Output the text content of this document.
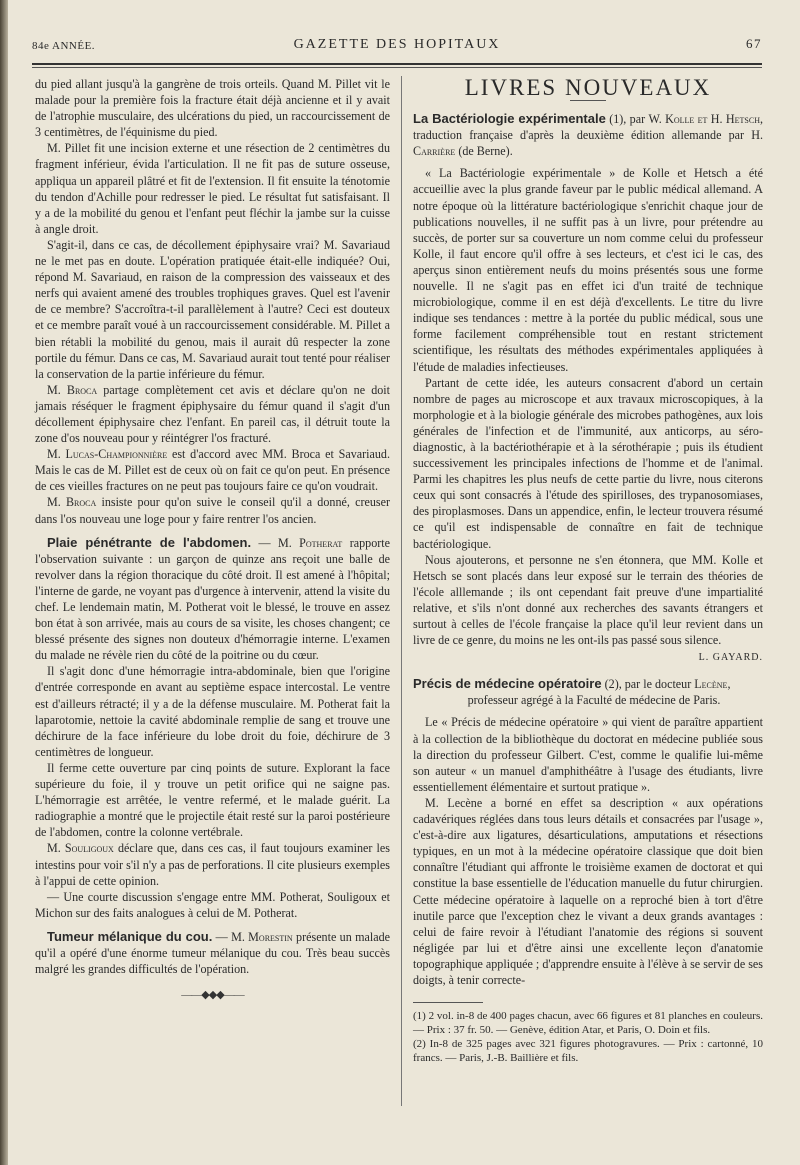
84e ANNÉE.	GAZETTE DES HOPITAUX	67

du pied allant jusqu'à la gangrène de trois orteils. Quand M. Pillet vit le malade pour la première fois la fracture était déjà ancienne et il y avait de l'atrophie musculaire, des ulcérations du pied, un raccourcissement de 3 centimètres, de l'équinisme du pied.

M. Pillet fit une incision externe et une résection de 2 centimètres du fragment inférieur, évida l'articulation. Il ne fit pas de suture osseuse, appliqua un appareil plâtré et fit de l'extension. Il fit ensuite la ténotomie du tendon d'Achille pour redresser le pied. Le résultat fut satisfaisant. Il y a de la mobilité du genou et l'enfant peut fléchir la jambe sur la cuisse à angle droit.

S'agit-il, dans ce cas, de décollement épiphysaire vrai? M. Savariaud ne le met pas en doute. L'opération pratiquée était-elle indiquée? Oui, répond M. Savariaud, en raison de la compression des vaisseaux et des nerfs qui avaient amené des troubles trophiques graves. Quel est l'avenir de ce membre? S'accroîtra-t-il parallèlement à l'autre? Ceci est douteux et ce membre paraît voué à un raccourcissement considérable. M. Pillet a bien rétabli la mobilité du genou, mais il aurait dû respecter la zone portile du fémur. Dans ce cas, M. Savariaud aurait tout tenté pour réaliser la conservation de la partie inférieure du fémur.

M. Broca partage complètement cet avis et déclare qu'on ne doit jamais réséquer le fragment épiphysaire du fémur quand il s'agit d'un décollement épiphysaire chez l'enfant. En pareil cas, il détruit toute la zone d'os nouveau pour y réintégrer l'os fracturé.

M. Lucas-Championnière est d'accord avec MM. Broca et Savariaud. Mais le cas de M. Pillet est de ceux où on fait ce qu'on peut. En présence de ces vieilles fractures on ne peut pas toujours faire ce qu'on voudrait.

M. Broca insiste pour qu'on suive le conseil qu'il a donné, creuser dans l'os nouveau une loge pour y faire rentrer l'os ancien.

Plaie pénétrante de l'abdomen. — M. Potherat rapporte l'observation suivante : un garçon de quinze ans reçoit une balle de revolver dans la région thoracique du côté droit. Il est amené à l'hôpital; l'interne de garde, ne voyant pas d'urgence à intervenir, attend la visite du chef. Le lendemain matin, M. Potherat voit le blessé, le trouve en assez bon état à son arrivée, mais au cours de sa visite, les choses changent; ce blessé présente des signes non douteux d'hémorragie interne. L'examen du malade ne révèle rien du côté de la poitrine ou du cœur.

Il s'agit donc d'une hémorragie intra-abdominale, bien que l'origine d'entrée corresponde en avant au septième espace intercostal. Le ventre est d'ailleurs rétracté; il y a de la défense musculaire. M. Potherat fait la laparotomie, nettoie la cavité abdominale remplie de sang et trouve une déchirure de la face inférieure du lobe droit du foie, déchirure de 3 centimètres de longueur.

Il ferme cette ouverture par cinq points de suture. Explorant la face supérieure du foie, il y trouve un petit orifice qui ne saigne pas. L'hémorragie est arrêtée, le ventre refermé, et le malade guérit. La radiographie a montré que le projectile était resté sur la paroi postérieure de l'abdomen, contre la colonne vertébrale.

M. Souligoux déclare que, dans ces cas, il faut toujours examiner les intestins pour voir s'il n'y a pas de perforations. Il cite plusieurs exemples à l'appui de cette opinion.

— Une courte discussion s'engage entre MM. Potherat, Souligoux et Michon sur des faits analogues à celui de M. Potherat.

Tumeur mélanique du cou. — M. Morestin présente un malade qu'il a opéré d'une énorme tumeur mélanique du cou. Très beau succès malgré les grandes difficultés de l'opération.

——◆◆◆——
LIVRES NOUVEAUX

La Bactériologie expérimentale (1), par W. Kolle et H. Hetsch, traduction française d'après la deuxième édition allemande par H. Carrière (de Berne).

« La Bactériologie expérimentale » de Kolle et Hetsch a été accueillie avec la plus grande faveur par le public médical allemand. A notre époque où la littérature bactériologique s'enrichit chaque jour de publications nouvelles, il ne suffit pas à un livre, pour prétendre au succès, de porter sur sa couverture un nom comme celui du professeur Kolle, il faut encore qu'il offre à ses lecteurs, et c'est ici le cas, des aperçus sinon entièrement neufs du moins présentés sous une forme nouvelle. Il ne s'agit pas en effet ici d'un traité de technique microbiologique, comme il en est déjà d'excellents. Le titre du livre indique ses tendances : mettre à la portée du public médical, sous une forme facilement compréhensible tout en restant strictement scientifique, les résultats des méthodes expérimentales appliquées à l'étude de maladies infectieuses.

Partant de cette idée, les auteurs consacrent d'abord un certain nombre de pages au microscope et aux travaux microscopiques, à la morphologie et à la biologie générale des microbes pathogènes, aux lois générales de l'infection et de l'immunité, aux anticorps, au séro-diagnostic, à la bactériothérapie et à la sérothérapie ; puis ils étudient successivement les principales infections de l'homme et de l'animal. Parmi les chapitres les plus neufs de cette partie du livre, nous citerons ceux qui sont consacrés à l'étude des spirilloses, des trypanosomiases, des piroplasmoses. Dans un appendice, enfin, le lecteur trouvera résumé ce qu'il est indispensable de connaître en fait de technique bactériologique.

Nous ajouterons, et personne ne s'en étonnera, que MM. Kolle et Hetsch se sont placés dans leur exposé sur le terrain des théories de l'école alllemande ; ils ont cependant fait preuve d'une impartialité relative, et s'ils n'ont donné aux recherches des savants étrangers et surtout à celles de l'école française la place qu'il leur revient dans un livre de ce genre, du moins ne les ont-ils pas passé sous silence.

L. GAYARD.

Précis de médecine opératoire (2), par le docteur Lecène,

professeur agrégé à la Faculté de médecine de Paris.

Le « Précis de médecine opératoire » qui vient de paraître appartient à la collection de la bibliothèque du doctorat en médecine publiée sous la direction du professeur Gilbert. C'est, comme le qualifie lui-même son auteur « un manuel d'amphithéâtre à l'usage des étudiants, livre essentiellement élémentaire et surtout pratique ».

M. Lecène a borné en effet sa description « aux opérations cadavériques réglées dans tous leurs détails et consacrées par l'usage », c'est-à-dire aux ligatures, désarticulations, amputations et résections typiques, en un mot à la médecine opératoire classique que doit bien connaître l'étudiant qui affronte le troisième examen de doctorat et qui constitue la base essentielle de l'éducation manuelle du futur chirurgien. Cette médecine opératoire à laquelle on a reproché bien à tort d'être inutile parce que l'exception chez le vivant a deux grands avantages : celui de faire revoir à l'étudiant l'anatomie des régions si souvent négligée par lui et d'être ainsi une excellente leçon d'anatomie topographique appliquée ; d'apprendre ensuite à l'élève à se servir de ses doigts, à tenir correcte-

(1) 2 vol. in-8 de 400 pages chacun, avec 66 figures et 81 planches en couleurs. — Prix : 37 fr. 50. — Genève, édition Atar, et Paris, O. Doin et fils.

(2) In-8 de 325 pages avec 321 figures photogravures. — Prix : cartonné, 10 francs. — Paris, J.-B. Baillière et fils.
